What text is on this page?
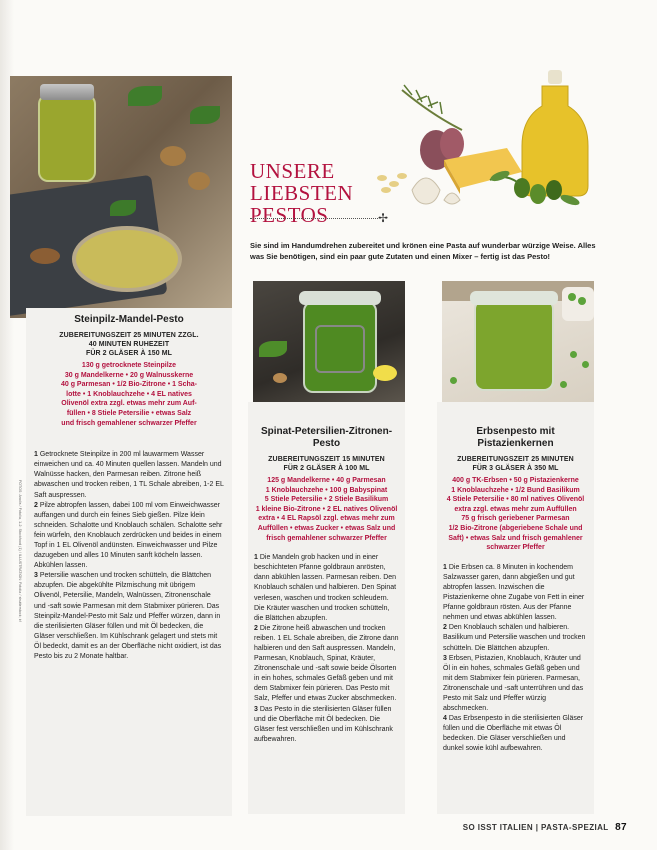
UNSERE
LIEBSTEN
PESTOS	✢
Sie sind im Handumdrehen zubereitet und krönen eine Pasta auf wunderbar würzige Weise. Alles was Sie benötigen, sind ein paar gute Zutaten und einen Mixer – fertig ist das Pesto!
Steinpilz-Mandel-Pesto
ZUBEREITUNGSZEIT 25 MINUTEN ZZGL.
40 MINUTEN RUHEZEIT
FÜR 2 GLÄSER À 150 ML
130 g getrocknete Steinpilze
30 g Mandelkerne • 20 g Walnusskerne
40 g Parmesan • 1/2 Bio-Zitrone • 1 Scha-
lotte • 1 Knoblauchzehe • 4 EL natives
Olivenöl extra zzgl. etwas mehr zum Auf-
füllen • 8 Stiele Petersilie • etwas Salz
und frisch gemahlener schwarzer Pfeffer

1 Getrocknete Steinpilze in 200 ml lauwarmem Wasser einweichen und ca. 40 Minuten quellen lassen. Mandeln und Walnüsse hacken, den Parmesan reiben. Zitrone heiß abwaschen und trocken reiben, 1 TL Schale abreiben, 1-2 EL Saft auspressen.

2 Pilze abtropfen lassen, dabei 100 ml vom Einweichwasser auffangen und durch ein feines Sieb gießen. Pilze klein schneiden. Schalotte und Knoblauch schälen. Schalotte sehr fein würfeln, den Knoblauch zerdrücken und beides in einem Topf in 1 EL Olivenöl andünsten. Einweichwasser und Pilze dazugeben und alles 10 Minuten sanft köcheln lassen. Abkühlen lassen.

3 Petersilie waschen und trocken schütteln, die Blättchen abzupfen. Die abgekühlte Pilzmischung mit übrigem Olivenöl, Petersilie, Mandeln, Walnüssen, Zitronenschale und -saft sowie Parmesan mit dem Stabmixer pürieren. Das Steinpilz-Mandel-Pesto mit Salz und Pfeffer würzen, dann in die sterilisierten Gläser füllen und mit Öl bedecken, die Gläser verschließen. Im Kühlschrank gelagert und stets mit Öl bedeckt, damit es an der Oberfläche nicht oxidiert, ist das Pesto bis zu 2 Monate haltbar.

Spinat-Petersilien-Zitronen-Pesto
ZUBEREITUNGSZEIT 15 MINUTEN
FÜR 2 GLÄSER À 100 ML
125 g Mandelkerne • 40 g Parmesan
1 Knoblauchzehe • 100 g Babyspinat
5 Stiele Petersilie • 2 Stiele Basilikum
1 kleine Bio-Zitrone • 2 EL natives Olivenöl
extra • 4 EL Rapsöl zzgl. etwas mehr zum
Auffüllen • etwas Zucker • etwas Salz und
frisch gemahlener schwarzer Pfeffer

1 Die Mandeln grob hacken und in einer beschichteten Pfanne goldbraun anrösten, dann abkühlen lassen. Parmesan reiben. Den Knoblauch schälen und halbieren. Den Spinat verlesen, waschen und trocken schleudern. Die Kräuter waschen und trocken schütteln, die Blättchen abzupfen.

2 Die Zitrone heiß abwaschen und trocken reiben. 1 EL Schale abreiben, die Zitrone dann halbieren und den Saft auspressen. Mandeln, Parmesan, Knoblauch, Spinat, Kräuter, Zitronenschale und -saft sowie beide Ölsorten in ein hohes, schmales Gefäß geben und mit dem Stabmixer fein pürieren. Das Pesto mit Salz, Pfeffer und etwas Zucker abschmecken.

3 Das Pesto in die sterilisierten Gläser füllen und die Oberfläche mit Öl bedecken. Die Gläser fest verschließen und im Kühlschrank aufbewahren.

Erbsenpesto mit Pistazienkernen
ZUBEREITUNGSZEIT 25 MINUTEN
FÜR 3 GLÄSER À 350 ML
400 g TK-Erbsen • 50 g Pistazienkerne
1 Knoblauchzehe • 1/2 Bund Basilikum
4 Stiele Petersilie • 80 ml natives Olivenöl
extra zzgl. etwas mehr zum Auffüllen
75 g frisch geriebener Parmesan
1/2 Bio-Zitrone (abgeriebene Schale und
Saft) • etwas Salz und frisch gemahlener
schwarzer Pfeffer

1 Die Erbsen ca. 8 Minuten in kochendem Salzwasser garen, dann abgießen und gut abtropfen lassen. Inzwischen die Pistazienkerne ohne Zugabe von Fett in einer Pfanne goldbraun rösten. Aus der Pfanne nehmen und etwas abkühlen lassen.

2 Den Knoblauch schälen und halbieren. Basilikum und Petersilie waschen und trocken schütteln. Die Blättchen abzupfen.

3 Erbsen, Pistazien, Knoblauch, Kräuter und Öl in ein hohes, schmales Gefäß geben und mit dem Stabmixer fein pürieren. Parmesan, Zitronenschale und -saft unterrühren und das Pesto mit Salz und Pfeffer würzig abschmecken.

4 Das Erbsenpesto in die sterilisierten Gläser füllen und die Oberfläche mit etwas Öl bedecken. Die Gläser verschließen und dunkel sowie kühl aufbewahren.

FOTOS: Anolis / Fotolia, 1-2: Stockfood (1) / ILLUSTRATION: Fotolia / shutterstock; kf
SO ISST ITALIEN | PASTA-SPEZIAL 87
